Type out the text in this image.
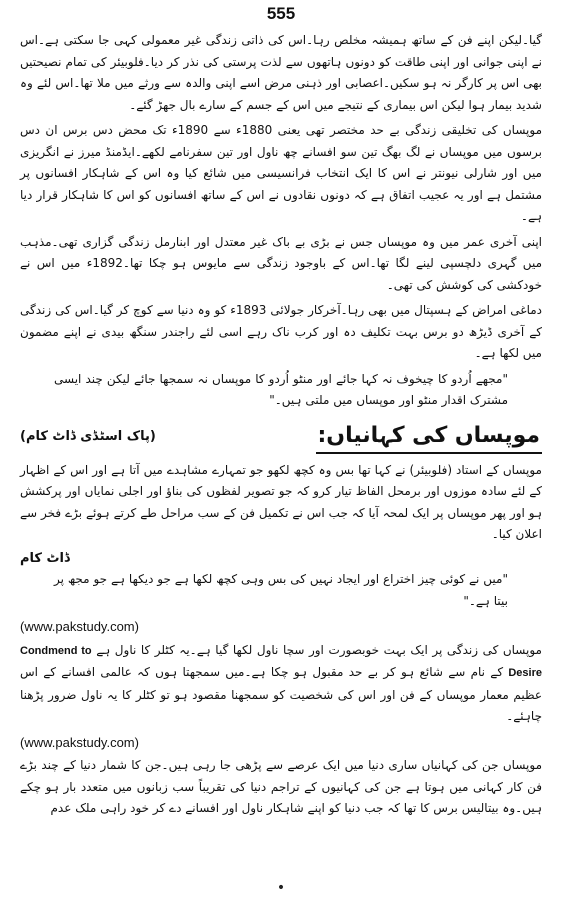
555

گیا۔لیکن اپنے فن کے ساتھ ہمیشہ مخلص رہا۔اس کی ذاتی زندگی غیر معمولی کہی جا سکتی ہے۔اس نے اپنی جوانی اور اپنی طاقت کو دونوں ہاتھوں سے لذت پرستی کی نذر کر دیا۔فلوبیئر کی تمام نصیحتیں بھی اس پر کارگر نہ ہو سکیں۔اعصابی اور ذہنی مرض اسے اپنی والدہ سے ورثے میں ملا تھا۔اس لئے وہ شدید بیمار ہوا لیکن اس بیماری کے نتیجے میں اس کے جسم کے سارے بال جھڑ گئے۔

موپساں کی تخلیقی زندگی بے حد مختصر تھی یعنی 1880ء سے 1890ء تک محض دس برس ان دس برسوں میں موپساں نے لگ بھگ تین سو افسانے چھ ناول اور تین سفرنامے لکھے۔ایڈمنڈ میرز نے انگریزی میں اور شارلی نیونتر نے اس کا ایک انتخاب فرانسیسی میں شائع کیا وہ اس کے شاہکار افسانوں پر مشتمل ہے اور یہ عجیب اتفاق ہے کہ دونوں نقادوں نے اس کے ساتھ افسانوں کو اس کا شاہکار قرار دیا ہے۔

اپنی آخری عمر میں وہ موپساں جس نے بڑی بے باک غیر معتدل اور ابنارمل زندگی گزاری تھی۔مذہب میں گہری دلچسپی لینے لگا تھا۔اس کے باوجود زندگی سے مایوس ہو چکا تھا۔1892ء میں اس نے خودکشی کی کوشش کی تھی۔

دماغی امراض کے ہسپتال میں بھی رہا۔آخرکار جولائی 1893ء کو وہ دنیا سے کوچ کر گیا۔اس کی زندگی کے آخری ڈیڑھ دو برس بہت تکلیف دہ اور کرب ناک رہے اسی لئے راجندر سنگھ بیدی نے اپنے مضمون میں لکھا ہے۔

"مجھے اُردو کا چیخوف نہ کہا جائے اور منٹو اُردو کا موپساں نہ سمجھا جائے لیکن چند ایسی مشترک اقدار منٹو اور موپساں میں ملتی ہیں۔"

(پاک اسٹڈی ڈاٹ کام)	موپساں کی کہانیاں:

موپساں کے استاد (فلوبیئر) نے کہا تھا بس وہ کچھ لکھو جو تمہارے مشاہدے میں آتا ہے اور اس کے اظہار کے لئے سادہ موزوں اور برمحل الفاظ تیار کرو کہ جو تصویر لفظوں کی بناؤ اور اجلی نمایاں اور پرکشش ہو اور پھر موپساں پر ایک لمحہ آیا کہ جب اس نے تکمیل فن کے سب مراحل طے کرتے ہوئے بڑے فخر سے اعلان کیا۔

ڈاٹ کام

"میں نے کوئی چیز اختراع اور ایجاد نہیں کی بس وہی کچھ لکھا ہے جو دیکھا ہے جو مجھ پر بیتا ہے۔"

(www.pakstudy.com)

موپساں کی زندگی پر ایک بہت خوبصورت اور سچا ناول لکھا گیا ہے۔یہ کٹلر کا ناول ہے Condmend to Desire کے نام سے شائع ہو کر بے حد مقبول ہو چکا ہے۔میں سمجھتا ہوں کہ عالمی افسانے کے اس عظیم معمار موپساں کے فن اور اس کی شخصیت کو سمجھنا مقصود ہو تو کٹلر کا یہ ناول ضرور پڑھنا چاہئے۔

(www.pakstudy.com)

موپساں جن کی کہانیاں ساری دنیا میں ایک عرصے سے پڑھی جا رہی ہیں۔جن کا شمار دنیا کے چند بڑے فن کار کہانی میں ہوتا ہے جن کی کہانیوں کے تراجم دنیا کی تقریباً سب زبانوں میں متعدد بار ہو چکے ہیں۔وہ بیتالیس برس کا تھا کہ جب دنیا کو اپنے شاہکار ناول اور افسانے دے کر خود راہی ملک عدم

•
